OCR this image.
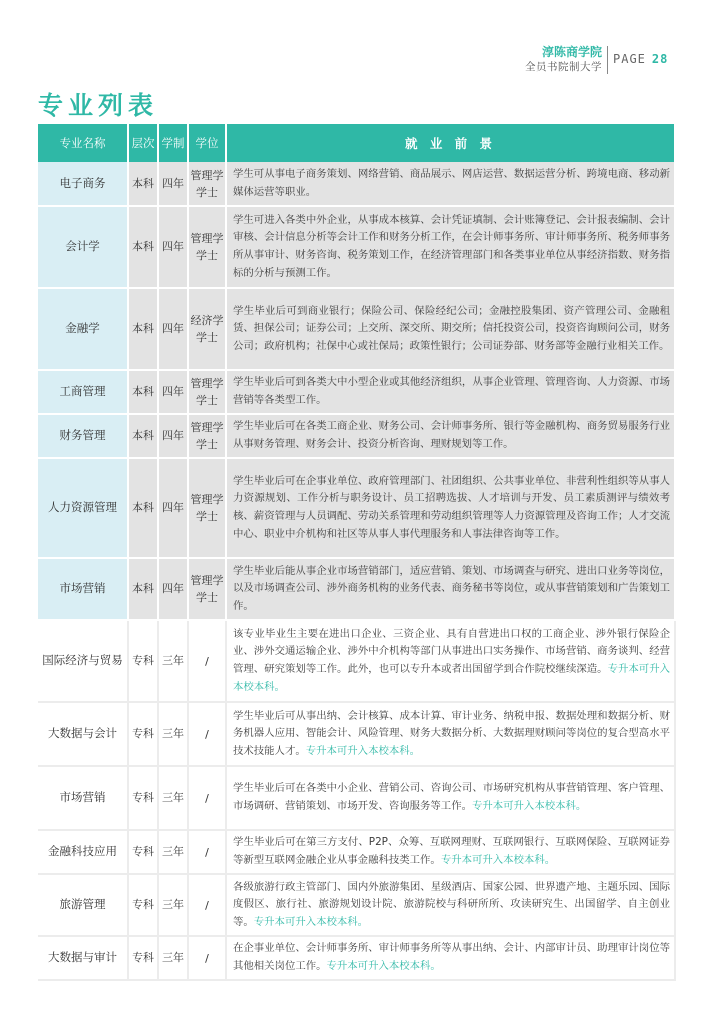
淳陈商学院
全员书院制大学
PAGE 28
专业列表
专业名称	层次	学制	学位	就 业 前 景
电子商务	本科	四年	管理学学士	学生可从事电子商务策划、网络营销、商品展示、网店运营、数据运营分析、跨境电商、移动新媒体运营等职业。
会计学	本科	四年	管理学学士	学生可进入各类中外企业，从事成本核算、会计凭证填制、会计账簿登记、会计报表编制、会计审核、会计信息分析等会计工作和财务分析工作，在会计师事务所、审计师事务所、税务师事务所从事审计、财务咨询、税务策划工作，在经济管理部门和各类事业单位从事经济指数、财务指标的分析与预测工作。
金融学	本科	四年	经济学学士	学生毕业后可到商业银行；保险公司、保险经纪公司；金融控股集团、资产管理公司、金融租赁、担保公司；证券公司；上交所、深交所、期交所；信托投资公司，投资咨询顾问公司，财务公司；政府机构；社保中心或社保局；政策性银行；公司证券部、财务部等金融行业相关工作。
工商管理	本科	四年	管理学学士	学生毕业后可到各类大中小型企业或其他经济组织，从事企业管理、管理咨询、人力资源、市场营销等各类型工作。
财务管理	本科	四年	管理学学士	学生毕业后可在各类工商企业、财务公司、会计师事务所、银行等金融机构、商务贸易服务行业从事财务管理、财务会计、投资分析咨询、理财规划等工作。
人力资源管理	本科	四年	管理学学士	学生毕业后可在企事业单位、政府管理部门、社团组织、公共事业单位、非营利性组织等从事人力资源规划、工作分析与职务设计、员工招聘选拔、人才培训与开发、员工素质测评与绩效考核、薪资管理与人员调配、劳动关系管理和劳动组织管理等人力资源管理及咨询工作；人才交流中心、职业中介机构和社区等从事人事代理服务和人事法律咨询等工作。
市场营销	本科	四年	管理学学士	学生毕业后能从事企业市场营销部门，适应营销、策划、市场调查与研究、进出口业务等岗位，以及市场调查公司、涉外商务机构的业务代表、商务秘书等岗位，或从事营销策划和广告策划工作。
国际经济与贸易	专科	三年	/	该专业毕业生主要在进出口企业、三资企业、具有自营进出口权的工商企业、涉外银行保险企业、涉外交通运输企业、涉外中介机构等部门从事进出口实务操作、市场营销、商务谈判、经营管理、研究策划等工作。此外，也可以专升本或者出国留学到合作院校继续深造。专升本可升入本校本科。
大数据与会计	专科	三年	/	学生毕业后可从事出纳、会计核算、成本计算、审计业务、纳税申报、数据处理和数据分析、财务机器人应用、智能会计、风险管理、财务大数据分析、大数据理财顾问等岗位的复合型高水平技术技能人才。专升本可升入本校本科。
市场营销	专科	三年	/	学生毕业后可在各类中小企业、营销公司、咨询公司、市场研究机构从事营销管理、客户管理、市场调研、营销策划、市场开发、咨询服务等工作。专升本可升入本校本科。
金融科技应用	专科	三年	/	学生毕业后可在第三方支付、P2P、众筹、互联网理财、互联网银行、互联网保险、互联网证券等新型互联网金融企业从事金融科技类工作。专升本可升入本校本科。
旅游管理	专科	三年	/	各级旅游行政主管部门、国内外旅游集团、星级酒店、国家公园、世界遗产地、主题乐园、国际度假区、旅行社、旅游规划设计院、旅游院校与科研所所、攻读研究生、出国留学、自主创业等。专升本可升入本校本科。
大数据与审计	专科	三年	/	在企事业单位、会计师事务所、审计师事务所等从事出纳、会计、内部审计员、助理审计岗位等其他相关岗位工作。专升本可升入本校本科。
